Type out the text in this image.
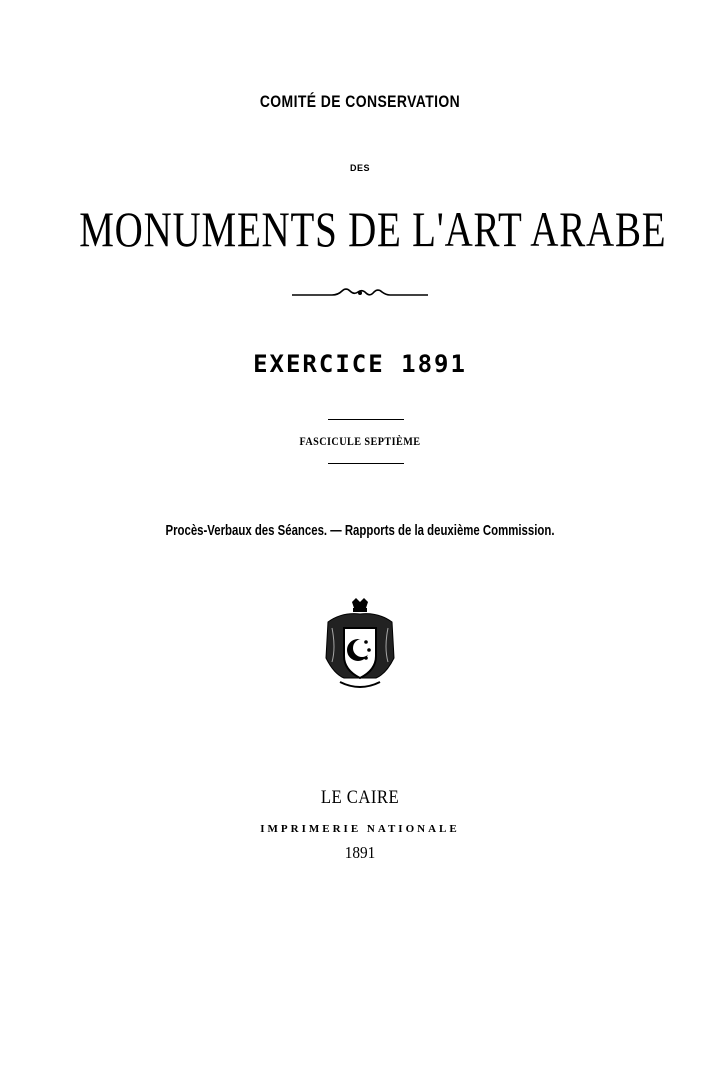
COMITÉ DE CONSERVATION
DES
MONUMENTS DE L'ART ARABE
EXERCICE 1891
FASCICULE SEPTIÈME
Procès-Verbaux des Séances. — Rapports de la deuxième Commission.
LE CAIRE
IMPRIMERIE NATIONALE
1891
